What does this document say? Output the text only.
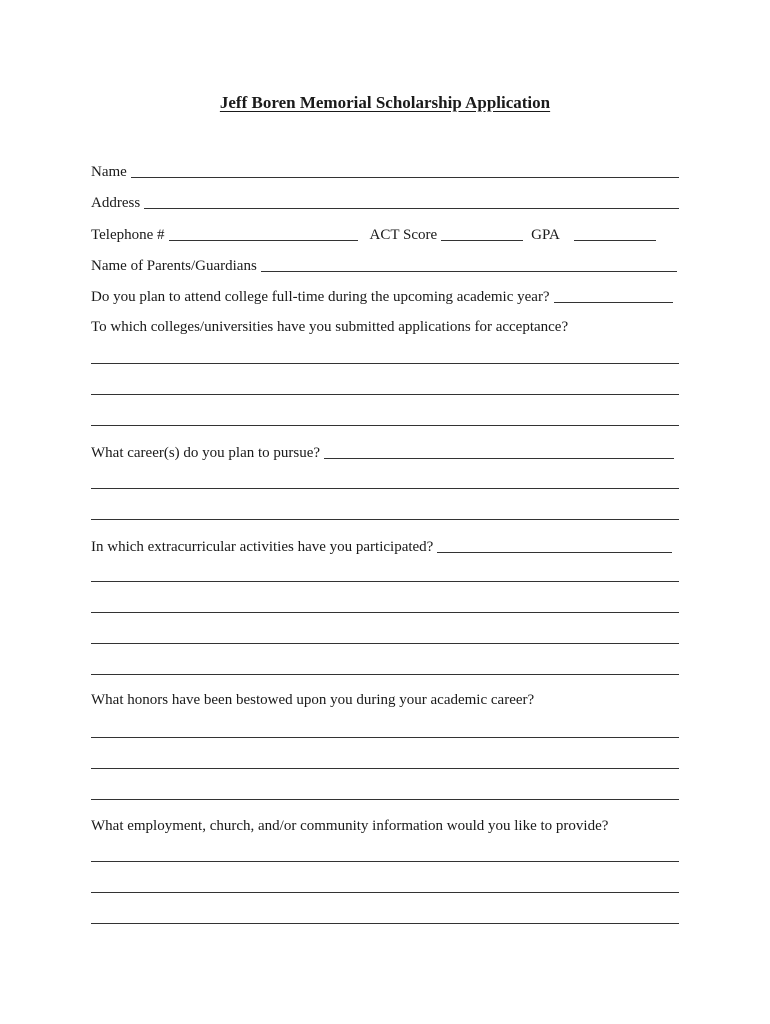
Jeff Boren Memorial Scholarship Application
Name
Address
Telephone #	ACT Score	GPA
Name of Parents/Guardians
Do you plan to attend college full-time during the upcoming academic year?
To which colleges/universities have you submitted applications for acceptance?
What career(s) do you plan to pursue?
In which extracurricular activities have you participated?
What honors have been bestowed upon you during your academic career?
What employment, church, and/or community information would you like to provide?
